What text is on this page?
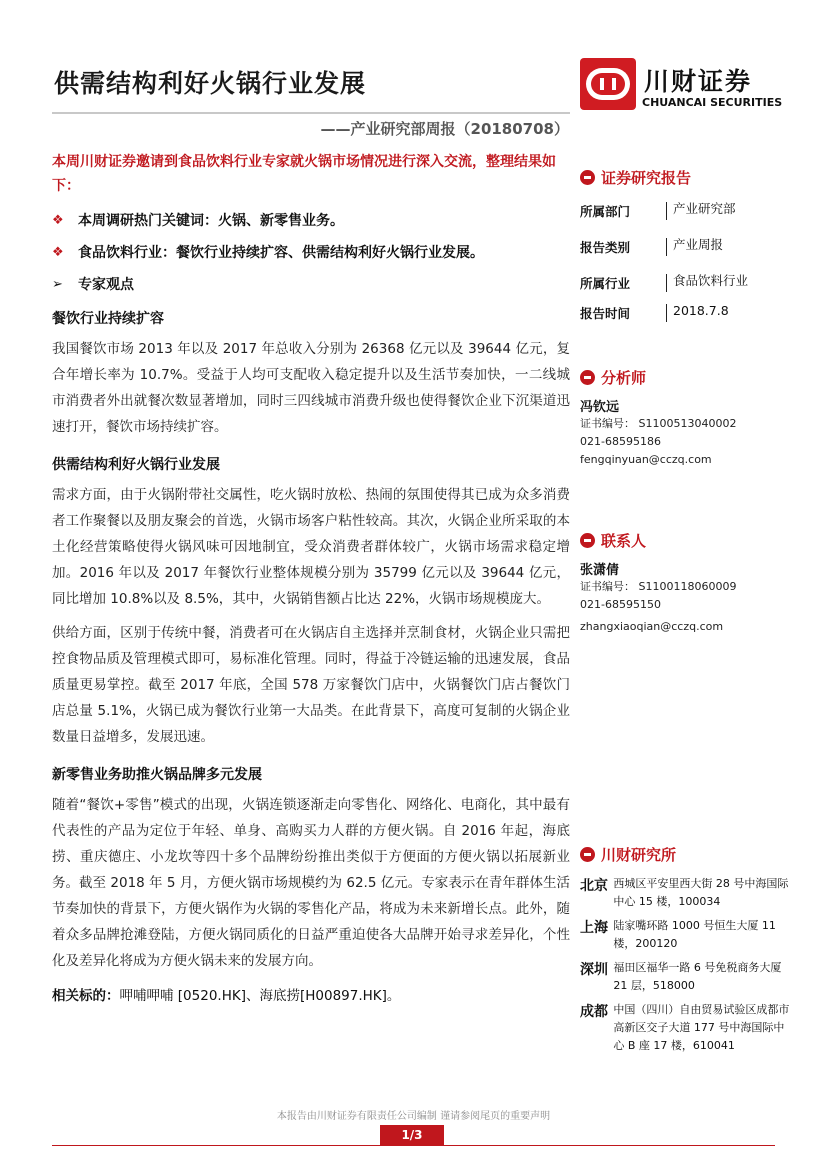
供需结构利好火锅行业发展
——产业研究部周报（20180708）
川财证券
CHUANCAI SECURITIES

本周川财证券邀请到食品饮料行业专家就火锅市场情况进行深入交流，整理结果如下：

❖	本周调研热门关键词：火锅、新零售业务。
❖	食品饮料行业：餐饮行业持续扩容、供需结构利好火锅行业发展。
➢	专家观点
餐饮行业持续扩容

我国餐饮市场 2013 年以及 2017 年总收入分别为 26368 亿元以及 39644 亿元，复合年增长率为 10.7%。受益于人均可支配收入稳定提升以及生活节奏加快，一二线城市消费者外出就餐次数显著增加，同时三四线城市消费升级也使得餐饮企业下沉渠道迅速打开，餐饮市场持续扩容。

供需结构利好火锅行业发展

需求方面，由于火锅附带社交属性，吃火锅时放松、热闹的氛围使得其已成为众多消费者工作聚餐以及朋友聚会的首选，火锅市场客户粘性较高。其次，火锅企业所采取的本土化经营策略使得火锅风味可因地制宜，受众消费者群体较广，火锅市场需求稳定增加。2016 年以及 2017 年餐饮行业整体规模分别为 35799 亿元以及 39644 亿元，同比增加 10.8%以及 8.5%，其中，火锅销售额占比达 22%，火锅市场规模庞大。

供给方面，区别于传统中餐，消费者可在火锅店自主选择并烹制食材，火锅企业只需把控食物品质及管理模式即可，易标准化管理。同时，得益于冷链运输的迅速发展，食品质量更易掌控。截至 2017 年底，全国 578 万家餐饮门店中，火锅餐饮门店占餐饮门店总量 5.1%，火锅已成为餐饮行业第一大品类。在此背景下，高度可复制的火锅企业数量日益增多，发展迅速。

新零售业务助推火锅品牌多元发展

随着“餐饮+零售”模式的出现，火锅连锁逐渐走向零售化、网络化、电商化，其中最有代表性的产品为定位于年轻、单身、高购买力人群的方便火锅。自 2016 年起，海底捞、重庆德庄、小龙坎等四十多个品牌纷纷推出类似于方便面的方便火锅以拓展新业务。截至 2018 年 5 月，方便火锅市场规模约为 62.5 亿元。专家表示在青年群体生活节奏加快的背景下，方便火锅作为火锅的零售化产品，将成为未来新增长点。此外，随着众多品牌抢滩登陆，方便火锅同质化的日益严重迫使各大品牌开始寻求差异化，个性化及差异化将成为方便火锅未来的发展方向。

相关标的：呷哺呷哺 [0520.HK]、海底捞[H00897.HK]。

证券研究报告
所属部门	产业研究部
报告类别	产业周报
所属行业	食品饮料行业
报告时间	2018.7.8
分析师
冯钦远
证书编号： S1100513040002
021-68595186
fengqinyuan@cczq.com
联系人
张潇倩
证书编号： S1100118060009
021-68595150
zhangxiaoqian@cczq.com
川财研究所
北京 西城区平安里西大街 28 号中海国际中心 15 楼，100034
上海 陆家嘴环路 1000 号恒生大厦 11 楼，200120
深圳 福田区福华一路 6 号免税商务大厦 21 层，518000
成都 中国（四川）自由贸易试验区成都市高新区交子大道 177 号中海国际中心 B 座 17 楼，610041
本报告由川财证券有限责任公司编制 谨请参阅尾页的重要声明
1/3
